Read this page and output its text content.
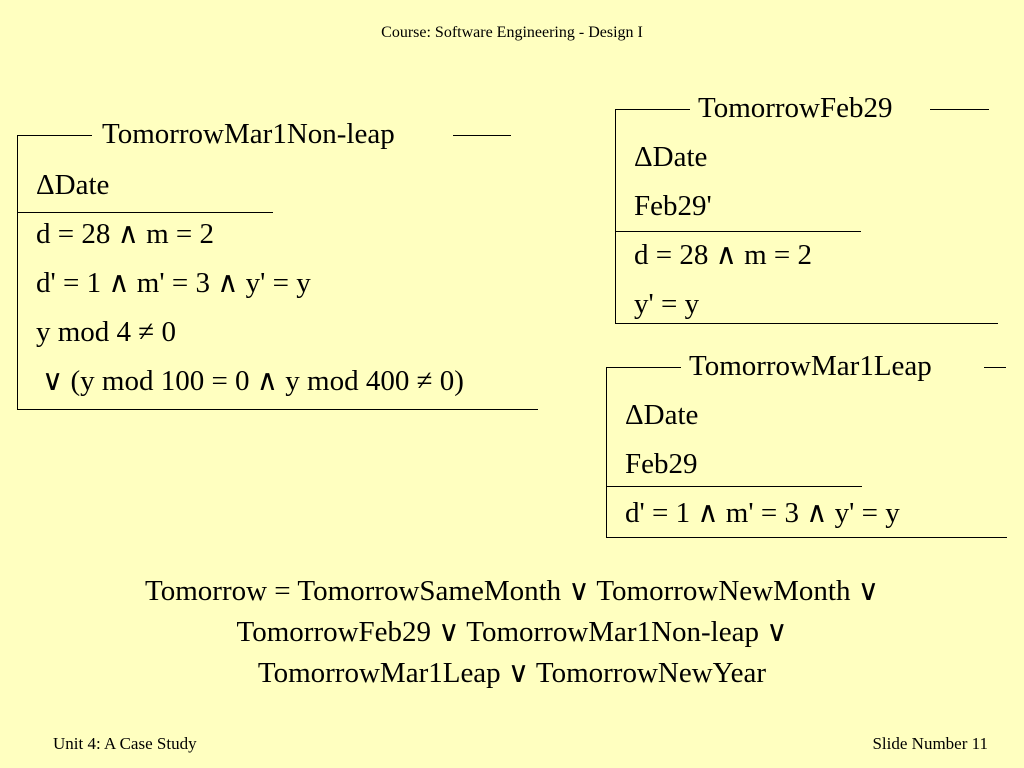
Course: Software Engineering - Design I
TomorrowMar1Non-leap
ΔDate
d = 28 ∧ m = 2
d' = 1 ∧ m' = 3 ∧ y' = y
y mod 4 ≠ 0
∨ (y mod 100 = 0 ∧ y mod 400 ≠ 0)
TomorrowFeb29
ΔDate
Feb29'
d = 28 ∧ m = 2
y' = y
TomorrowMar1Leap
ΔDate
Feb29
d' = 1 ∧ m' = 3 ∧ y' = y
Tomorrow = TomorrowSameMonth ∨ TomorrowNewMonth ∨
TomorrowFeb29 ∨ TomorrowMar1Non-leap ∨
TomorrowMar1Leap ∨ TomorrowNewYear
Unit 4: A Case Study	Slide Number 11
